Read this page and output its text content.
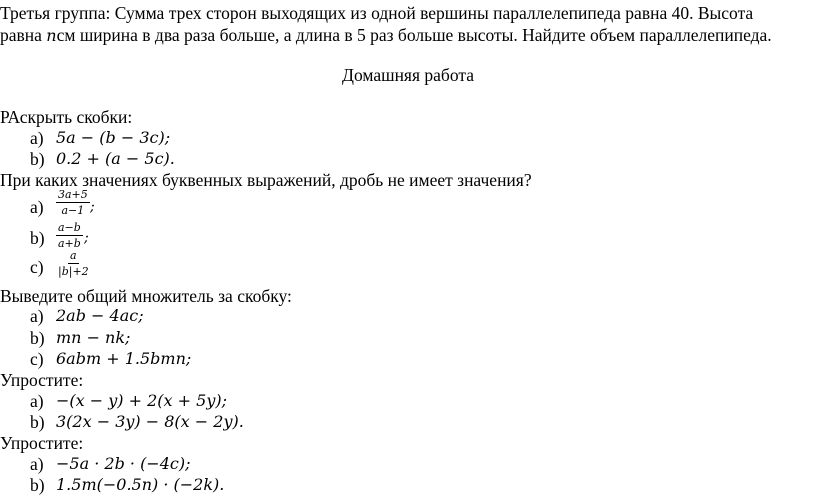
Третья группа: Сумма трех сторон выходящих из одной вершины параллелепипеда равна 40. Высота
равна nсм ширина в два раза больше, а длина в 5 раз больше высоты. Найдите объем параллелепипеда.
Домашняя работа
РАскрыть скобки:
a) 5a − (b − 3c);
b) 0.2 + (a − 5c).
При каких значениях буквенных выражений, дробь не имеет значения?
$a) \frac{3a+5}{a-1}$ ;
$b) \frac{a-b}{a+b}$ ;
$c) \frac{a}{|b|+2}$
Выведите общий множитель за скобку:
a) 2ab − 4ac;
b) mn − nk;
c) 6abm + 1.5bmn;
Упростите:
a) −(x − y) + 2(x + 5y);
b) 3(2x − 3y) − 8(x − 2y).
Упростите:
a) −5a · 2b · (−4c);
b) 1.5m(−0.5n) · (−2k).
